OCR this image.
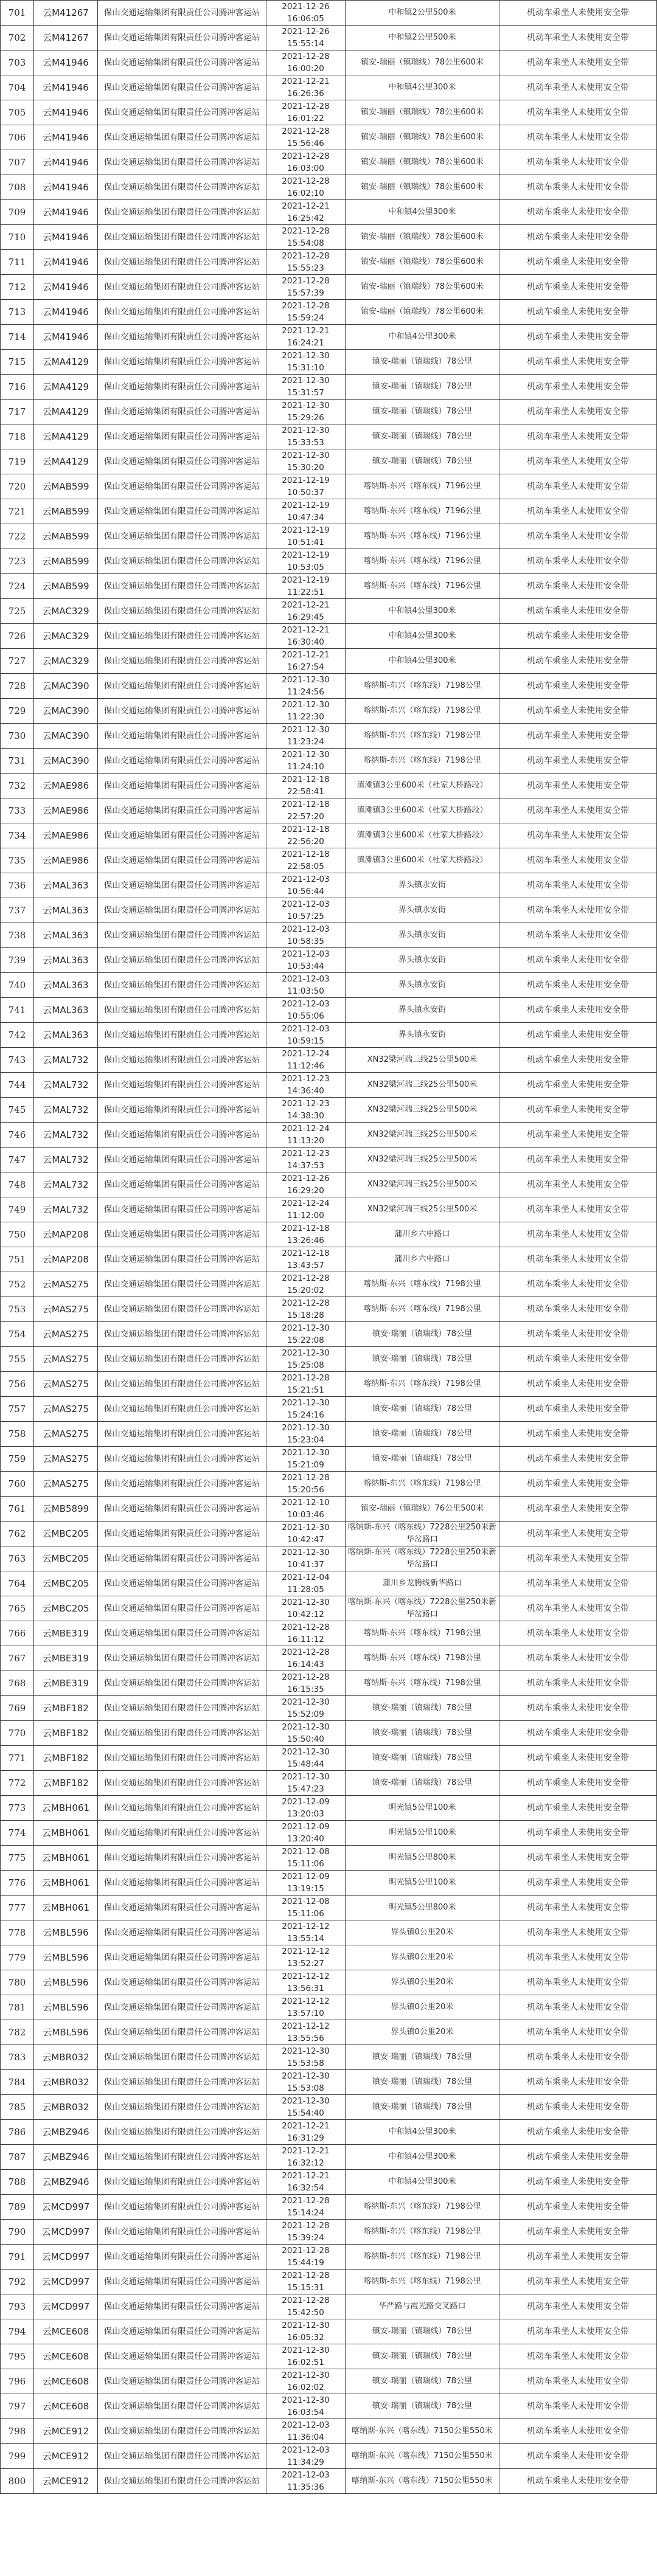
701	云M41267	保山交通运输集团有限责任公司腾冲客运站	2021-12-26
16:06:05	中和镇2公里500米	机动车乘坐人未使用安全带
702	云M41267	保山交通运输集团有限责任公司腾冲客运站	2021-12-26
15:55:14	中和镇2公里500米	机动车乘坐人未使用安全带
703	云M41946	保山交通运输集团有限责任公司腾冲客运站	2021-12-28
16:00:20	镇安-瑞丽（镇瑞线）78公里600米	机动车乘坐人未使用安全带
704	云M41946	保山交通运输集团有限责任公司腾冲客运站	2021-12-21
16:26:36	中和镇4公里300米	机动车乘坐人未使用安全带
705	云M41946	保山交通运输集团有限责任公司腾冲客运站	2021-12-28
16:01:22	镇安-瑞丽（镇瑞线）78公里600米	机动车乘坐人未使用安全带
706	云M41946	保山交通运输集团有限责任公司腾冲客运站	2021-12-28
15:56:46	镇安-瑞丽（镇瑞线）78公里600米	机动车乘坐人未使用安全带
707	云M41946	保山交通运输集团有限责任公司腾冲客运站	2021-12-28
16:03:00	镇安-瑞丽（镇瑞线）78公里600米	机动车乘坐人未使用安全带
708	云M41946	保山交通运输集团有限责任公司腾冲客运站	2021-12-28
16:02:10	镇安-瑞丽（镇瑞线）78公里600米	机动车乘坐人未使用安全带
709	云M41946	保山交通运输集团有限责任公司腾冲客运站	2021-12-21
16:25:42	中和镇4公里300米	机动车乘坐人未使用安全带
710	云M41946	保山交通运输集团有限责任公司腾冲客运站	2021-12-28
15:54:08	镇安-瑞丽（镇瑞线）78公里600米	机动车乘坐人未使用安全带
711	云M41946	保山交通运输集团有限责任公司腾冲客运站	2021-12-28
15:55:23	镇安-瑞丽（镇瑞线）78公里600米	机动车乘坐人未使用安全带
712	云M41946	保山交通运输集团有限责任公司腾冲客运站	2021-12-28
15:57:39	镇安-瑞丽（镇瑞线）78公里600米	机动车乘坐人未使用安全带
713	云M41946	保山交通运输集团有限责任公司腾冲客运站	2021-12-28
15:59:24	镇安-瑞丽（镇瑞线）78公里600米	机动车乘坐人未使用安全带
714	云M41946	保山交通运输集团有限责任公司腾冲客运站	2021-12-21
16:24:21	中和镇4公里300米	机动车乘坐人未使用安全带
715	云MA4129	保山交通运输集团有限责任公司腾冲客运站	2021-12-30
15:31:10	镇安-瑞丽（镇瑞线）78公里	机动车乘坐人未使用安全带
716	云MA4129	保山交通运输集团有限责任公司腾冲客运站	2021-12-30
15:31:57	镇安-瑞丽（镇瑞线）78公里	机动车乘坐人未使用安全带
717	云MA4129	保山交通运输集团有限责任公司腾冲客运站	2021-12-30
15:29:26	镇安-瑞丽（镇瑞线）78公里	机动车乘坐人未使用安全带
718	云MA4129	保山交通运输集团有限责任公司腾冲客运站	2021-12-30
15:33:53	镇安-瑞丽（镇瑞线）78公里	机动车乘坐人未使用安全带
719	云MA4129	保山交通运输集团有限责任公司腾冲客运站	2021-12-30
15:30:20	镇安-瑞丽（镇瑞线）78公里	机动车乘坐人未使用安全带
720	云MAB599	保山交通运输集团有限责任公司腾冲客运站	2021-12-19
10:50:37	喀纳斯-东兴（喀东线）7196公里	机动车乘坐人未使用安全带
721	云MAB599	保山交通运输集团有限责任公司腾冲客运站	2021-12-19
10:47:34	喀纳斯-东兴（喀东线）7196公里	机动车乘坐人未使用安全带
722	云MAB599	保山交通运输集团有限责任公司腾冲客运站	2021-12-19
10:51:41	喀纳斯-东兴（喀东线）7196公里	机动车乘坐人未使用安全带
723	云MAB599	保山交通运输集团有限责任公司腾冲客运站	2021-12-19
10:53:05	喀纳斯-东兴（喀东线）7196公里	机动车乘坐人未使用安全带
724	云MAB599	保山交通运输集团有限责任公司腾冲客运站	2021-12-19
11:22:51	喀纳斯-东兴（喀东线）7196公里	机动车乘坐人未使用安全带
725	云MAC329	保山交通运输集团有限责任公司腾冲客运站	2021-12-21
16:29:45	中和镇4公里300米	机动车乘坐人未使用安全带
726	云MAC329	保山交通运输集团有限责任公司腾冲客运站	2021-12-21
16:30:40	中和镇4公里300米	机动车乘坐人未使用安全带
727	云MAC329	保山交通运输集团有限责任公司腾冲客运站	2021-12-21
16:27:54	中和镇4公里300米	机动车乘坐人未使用安全带
728	云MAC390	保山交通运输集团有限责任公司腾冲客运站	2021-12-30
11:24:56	喀纳斯-东兴（喀东线）7198公里	机动车乘坐人未使用安全带
729	云MAC390	保山交通运输集团有限责任公司腾冲客运站	2021-12-30
11:22:30	喀纳斯-东兴（喀东线）7198公里	机动车乘坐人未使用安全带
730	云MAC390	保山交通运输集团有限责任公司腾冲客运站	2021-12-30
11:23:24	喀纳斯-东兴（喀东线）7198公里	机动车乘坐人未使用安全带
731	云MAC390	保山交通运输集团有限责任公司腾冲客运站	2021-12-30
11:24:10	喀纳斯-东兴（喀东线）7198公里	机动车乘坐人未使用安全带
732	云MAE986	保山交通运输集团有限责任公司腾冲客运站	2021-12-18
22:58:41	滇滩镇3公里600米（杜家大桥路段）	机动车乘坐人未使用安全带
733	云MAE986	保山交通运输集团有限责任公司腾冲客运站	2021-12-18
22:57:20	滇滩镇3公里600米（杜家大桥路段）	机动车乘坐人未使用安全带
734	云MAE986	保山交通运输集团有限责任公司腾冲客运站	2021-12-18
22:56:20	滇滩镇3公里600米（杜家大桥路段）	机动车乘坐人未使用安全带
735	云MAE986	保山交通运输集团有限责任公司腾冲客运站	2021-12-18
22:58:05	滇滩镇3公里600米（杜家大桥路段）	机动车乘坐人未使用安全带
736	云MAL363	保山交通运输集团有限责任公司腾冲客运站	2021-12-03
10:56:44	界头镇永安街	机动车乘坐人未使用安全带
737	云MAL363	保山交通运输集团有限责任公司腾冲客运站	2021-12-03
10:57:25	界头镇永安街	机动车乘坐人未使用安全带
738	云MAL363	保山交通运输集团有限责任公司腾冲客运站	2021-12-03
10:58:35	界头镇永安街	机动车乘坐人未使用安全带
739	云MAL363	保山交通运输集团有限责任公司腾冲客运站	2021-12-03
10:53:44	界头镇永安街	机动车乘坐人未使用安全带
740	云MAL363	保山交通运输集团有限责任公司腾冲客运站	2021-12-03
11:03:50	界头镇永安街	机动车乘坐人未使用安全带
741	云MAL363	保山交通运输集团有限责任公司腾冲客运站	2021-12-03
10:55:06	界头镇永安街	机动车乘坐人未使用安全带
742	云MAL363	保山交通运输集团有限责任公司腾冲客运站	2021-12-03
10:59:15	界头镇永安街	机动车乘坐人未使用安全带
743	云MAL732	保山交通运输集团有限责任公司腾冲客运站	2021-12-24
11:12:46	XN32梁河瑞三线25公里500米	机动车乘坐人未使用安全带
744	云MAL732	保山交通运输集团有限责任公司腾冲客运站	2021-12-23
14:36:40	XN32梁河瑞三线25公里500米	机动车乘坐人未使用安全带
745	云MAL732	保山交通运输集团有限责任公司腾冲客运站	2021-12-23
14:38:30	XN32梁河瑞三线25公里500米	机动车乘坐人未使用安全带
746	云MAL732	保山交通运输集团有限责任公司腾冲客运站	2021-12-24
11:13:20	XN32梁河瑞三线25公里500米	机动车乘坐人未使用安全带
747	云MAL732	保山交通运输集团有限责任公司腾冲客运站	2021-12-23
14:37:53	XN32梁河瑞三线25公里500米	机动车乘坐人未使用安全带
748	云MAL732	保山交通运输集团有限责任公司腾冲客运站	2021-12-26
16:29:20	XN32梁河瑞三线25公里500米	机动车乘坐人未使用安全带
749	云MAL732	保山交通运输集团有限责任公司腾冲客运站	2021-12-24
11:12:00	XN32梁河瑞三线25公里500米	机动车乘坐人未使用安全带
750	云MAP208	保山交通运输集团有限责任公司腾冲客运站	2021-12-18
13:26:46	蒲川乡六中路口	机动车乘坐人未使用安全带
751	云MAP208	保山交通运输集团有限责任公司腾冲客运站	2021-12-18
13:43:57	蒲川乡六中路口	机动车乘坐人未使用安全带
752	云MAS275	保山交通运输集团有限责任公司腾冲客运站	2021-12-28
15:20:02	喀纳斯-东兴（喀东线）7198公里	机动车乘坐人未使用安全带
753	云MAS275	保山交通运输集团有限责任公司腾冲客运站	2021-12-28
15:18:28	喀纳斯-东兴（喀东线）7198公里	机动车乘坐人未使用安全带
754	云MAS275	保山交通运输集团有限责任公司腾冲客运站	2021-12-30
15:22:08	镇安-瑞丽（镇瑞线）78公里	机动车乘坐人未使用安全带
755	云MAS275	保山交通运输集团有限责任公司腾冲客运站	2021-12-30
15:25:08	镇安-瑞丽（镇瑞线）78公里	机动车乘坐人未使用安全带
756	云MAS275	保山交通运输集团有限责任公司腾冲客运站	2021-12-28
15:21:51	喀纳斯-东兴（喀东线）7198公里	机动车乘坐人未使用安全带
757	云MAS275	保山交通运输集团有限责任公司腾冲客运站	2021-12-30
15:24:16	镇安-瑞丽（镇瑞线）78公里	机动车乘坐人未使用安全带
758	云MAS275	保山交通运输集团有限责任公司腾冲客运站	2021-12-30
15:23:04	镇安-瑞丽（镇瑞线）78公里	机动车乘坐人未使用安全带
759	云MAS275	保山交通运输集团有限责任公司腾冲客运站	2021-12-30
15:21:09	镇安-瑞丽（镇瑞线）78公里	机动车乘坐人未使用安全带
760	云MAS275	保山交通运输集团有限责任公司腾冲客运站	2021-12-28
15:20:56	喀纳斯-东兴（喀东线）7198公里	机动车乘坐人未使用安全带
761	云MB5899	保山交通运输集团有限责任公司腾冲客运站	2021-12-10
10:03:46	镇安-瑞丽（镇瑞线）76公里500米	机动车乘坐人未使用安全带
762	云MBC205	保山交通运输集团有限责任公司腾冲客运站	2021-12-30
10:42:47	喀纳斯-东兴（喀东线）7228公里250米新华岔路口	机动车乘坐人未使用安全带
763	云MBC205	保山交通运输集团有限责任公司腾冲客运站	2021-12-30
10:41:37	喀纳斯-东兴（喀东线）7228公里250米新华岔路口	机动车乘坐人未使用安全带
764	云MBC205	保山交通运输集团有限责任公司腾冲客运站	2021-12-04
11:28:05	蒲川乡龙腾线新华路口	机动车乘坐人未使用安全带
765	云MBC205	保山交通运输集团有限责任公司腾冲客运站	2021-12-30
10:42:12	喀纳斯-东兴（喀东线）7228公里250米新华岔路口	机动车乘坐人未使用安全带
766	云MBE319	保山交通运输集团有限责任公司腾冲客运站	2021-12-28
16:11:12	喀纳斯-东兴（喀东线）7198公里	机动车乘坐人未使用安全带
767	云MBE319	保山交通运输集团有限责任公司腾冲客运站	2021-12-28
16:14:43	喀纳斯-东兴（喀东线）7198公里	机动车乘坐人未使用安全带
768	云MBE319	保山交通运输集团有限责任公司腾冲客运站	2021-12-28
16:15:35	喀纳斯-东兴（喀东线）7198公里	机动车乘坐人未使用安全带
769	云MBF182	保山交通运输集团有限责任公司腾冲客运站	2021-12-30
15:52:09	镇安-瑞丽（镇瑞线）78公里	机动车乘坐人未使用安全带
770	云MBF182	保山交通运输集团有限责任公司腾冲客运站	2021-12-30
15:50:40	镇安-瑞丽（镇瑞线）78公里	机动车乘坐人未使用安全带
771	云MBF182	保山交通运输集团有限责任公司腾冲客运站	2021-12-30
15:48:44	镇安-瑞丽（镇瑞线）78公里	机动车乘坐人未使用安全带
772	云MBF182	保山交通运输集团有限责任公司腾冲客运站	2021-12-30
15:47:23	镇安-瑞丽（镇瑞线）78公里	机动车乘坐人未使用安全带
773	云MBH061	保山交通运输集团有限责任公司腾冲客运站	2021-12-09
13:20:03	明光镇5公里100米	机动车乘坐人未使用安全带
774	云MBH061	保山交通运输集团有限责任公司腾冲客运站	2021-12-09
13:20:40	明光镇5公里100米	机动车乘坐人未使用安全带
775	云MBH061	保山交通运输集团有限责任公司腾冲客运站	2021-12-08
15:11:06	明光镇5公里800米	机动车乘坐人未使用安全带
776	云MBH061	保山交通运输集团有限责任公司腾冲客运站	2021-12-09
13:19:15	明光镇5公里100米	机动车乘坐人未使用安全带
777	云MBH061	保山交通运输集团有限责任公司腾冲客运站	2021-12-08
15:11:06	明光镇5公里800米	机动车乘坐人未使用安全带
778	云MBL596	保山交通运输集团有限责任公司腾冲客运站	2021-12-12
13:55:14	界头镇0公里20米	机动车乘坐人未使用安全带
779	云MBL596	保山交通运输集团有限责任公司腾冲客运站	2021-12-12
13:52:27	界头镇0公里20米	机动车乘坐人未使用安全带
780	云MBL596	保山交通运输集团有限责任公司腾冲客运站	2021-12-12
13:56:31	界头镇0公里20米	机动车乘坐人未使用安全带
781	云MBL596	保山交通运输集团有限责任公司腾冲客运站	2021-12-12
13:57:10	界头镇0公里20米	机动车乘坐人未使用安全带
782	云MBL596	保山交通运输集团有限责任公司腾冲客运站	2021-12-12
13:55:56	界头镇0公里20米	机动车乘坐人未使用安全带
783	云MBR032	保山交通运输集团有限责任公司腾冲客运站	2021-12-30
15:53:58	镇安-瑞丽（镇瑞线）78公里	机动车乘坐人未使用安全带
784	云MBR032	保山交通运输集团有限责任公司腾冲客运站	2021-12-30
15:53:08	镇安-瑞丽（镇瑞线）78公里	机动车乘坐人未使用安全带
785	云MBR032	保山交通运输集团有限责任公司腾冲客运站	2021-12-30
15:54:40	镇安-瑞丽（镇瑞线）78公里	机动车乘坐人未使用安全带
786	云MBZ946	保山交通运输集团有限责任公司腾冲客运站	2021-12-21
16:31:29	中和镇4公里300米	机动车乘坐人未使用安全带
787	云MBZ946	保山交通运输集团有限责任公司腾冲客运站	2021-12-21
16:32:12	中和镇4公里300米	机动车乘坐人未使用安全带
788	云MBZ946	保山交通运输集团有限责任公司腾冲客运站	2021-12-21
16:32:54	中和镇4公里300米	机动车乘坐人未使用安全带
789	云MCD997	保山交通运输集团有限责任公司腾冲客运站	2021-12-28
15:14:24	喀纳斯-东兴（喀东线）7198公里	机动车乘坐人未使用安全带
790	云MCD997	保山交通运输集团有限责任公司腾冲客运站	2021-12-28
15:39:24	喀纳斯-东兴（喀东线）7198公里	机动车乘坐人未使用安全带
791	云MCD997	保山交通运输集团有限责任公司腾冲客运站	2021-12-28
15:44:19	喀纳斯-东兴（喀东线）7198公里	机动车乘坐人未使用安全带
792	云MCD997	保山交通运输集团有限责任公司腾冲客运站	2021-12-28
15:15:31	喀纳斯-东兴（喀东线）7198公里	机动车乘坐人未使用安全带
793	云MCD997	保山交通运输集团有限责任公司腾冲客运站	2021-12-28
15:42:50	华严路与霞光路交叉路口	机动车乘坐人未使用安全带
794	云MCE608	保山交通运输集团有限责任公司腾冲客运站	2021-12-30
16:05:32	镇安-瑞丽（镇瑞线）78公里	机动车乘坐人未使用安全带
795	云MCE608	保山交通运输集团有限责任公司腾冲客运站	2021-12-30
16:02:51	镇安-瑞丽（镇瑞线）78公里	机动车乘坐人未使用安全带
796	云MCE608	保山交通运输集团有限责任公司腾冲客运站	2021-12-30
16:02:02	镇安-瑞丽（镇瑞线）78公里	机动车乘坐人未使用安全带
797	云MCE608	保山交通运输集团有限责任公司腾冲客运站	2021-12-30
16:03:54	镇安-瑞丽（镇瑞线）78公里	机动车乘坐人未使用安全带
798	云MCE912	保山交通运输集团有限责任公司腾冲客运站	2021-12-03
11:36:04	喀纳斯-东兴（喀东线）7150公里550米	机动车乘坐人未使用安全带
799	云MCE912	保山交通运输集团有限责任公司腾冲客运站	2021-12-03
11:34:29	喀纳斯-东兴（喀东线）7150公里550米	机动车乘坐人未使用安全带
800	云MCE912	保山交通运输集团有限责任公司腾冲客运站	2021-12-03
11:35:36	喀纳斯-东兴（喀东线）7150公里550米	机动车乘坐人未使用安全带
